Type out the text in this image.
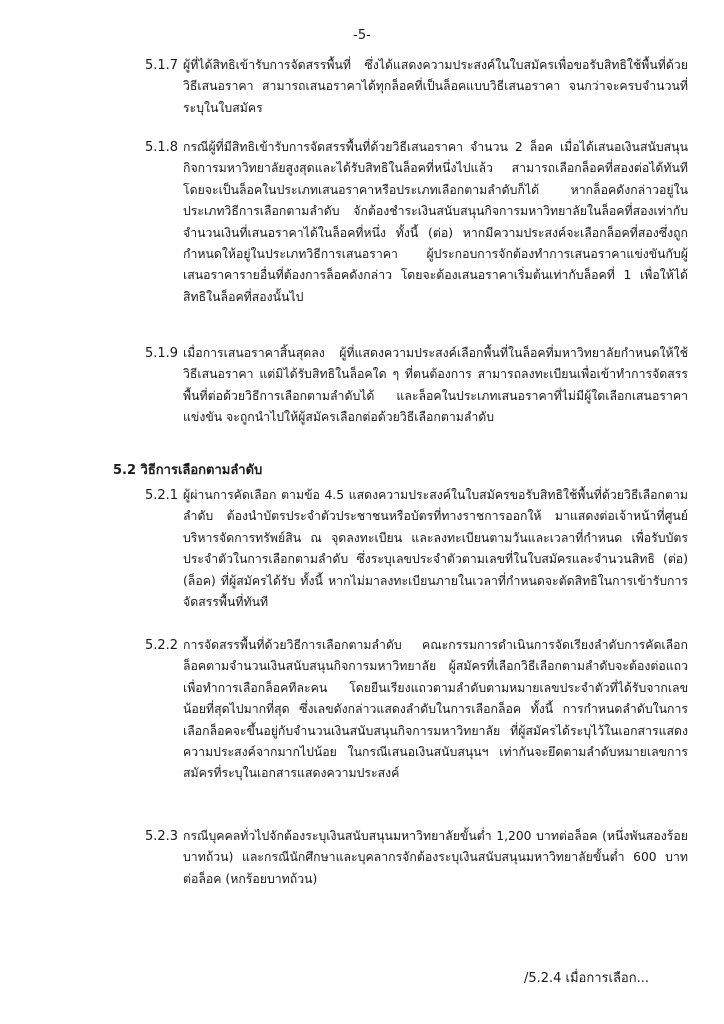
-5-
5.1.7 ผู้ที่ได้สิทธิเข้ารับการจัดสรรพื้นที่ ซึ่งได้แสดงความประสงค์ในใบสมัครเพื่อขอรับสิทธิใช้พื้นที่ด้วยวิธีเสนอราคา สามารถเสนอราคาได้ทุกล็อคที่เป็นล็อคแบบวิธีเสนอราคา จนกว่าจะครบจำนวนที่ระบุในใบสมัคร
5.1.8 กรณีผู้ที่มีสิทธิเข้ารับการจัดสรรพื้นที่ด้วยวิธีเสนอราคา จำนวน 2 ล็อค เมื่อได้เสนอเงินสนับสนุนกิจการมหาวิทยาลัยสูงสุดและได้รับสิทธิในล็อคที่หนึ่งไปแล้ว สามารถเลือกล็อคที่สองต่อได้ทันที โดยจะเป็นล็อคในประเภทเสนอราคาหรือประเภทเลือกตามลำดับก็ได้ หากล็อคดังกล่าวอยู่ในประเภทวิธีการเลือกตามลำดับ จักต้องชำระเงินสนับสนุนกิจการมหาวิทยาลัยในล็อคที่สองเท่ากับจำนวนเงินที่เสนอราคาได้ในล็อคที่หนึ่ง ทั้งนี้ (ต่อ) หากมีความประสงค์จะเลือกล็อคที่สองซึ่งถูกกำหนดให้อยู่ในประเภทวิธีการเสนอราคา ผู้ประกอบการจักต้องทำการเสนอราคาแข่งขันกับผู้เสนอราคารายอื่นที่ต้องการล็อคดังกล่าว โดยจะต้องเสนอราคาเริ่มต้นเท่ากับล็อคที่ 1 เพื่อให้ได้สิทธิในล็อคที่สองนั้นไป
5.1.9 เมื่อการเสนอราคาสิ้นสุดลง ผู้ที่แสดงความประสงค์เลือกพื้นที่ในล็อคที่มหาวิทยาลัยกำหนดให้ใช้วิธีเสนอราคา แต่มิได้รับสิทธิในล็อคใด ๆ ที่ตนต้องการ สามารถลงทะเบียนเพื่อเข้าทำการจัดสรรพื้นที่ต่อด้วยวิธีการเลือกตามลำดับได้ และล็อคในประเภทเสนอราคาที่ไม่มีผู้ใดเลือกเสนอราคาแข่งขัน จะถูกนำไปให้ผู้สมัครเลือกต่อด้วยวิธีเลือกตามลำดับ
5.2 วิธีการเลือกตามลำดับ
5.2.1 ผู้ผ่านการคัดเลือก ตามข้อ 4.5 แสดงความประสงค์ในใบสมัครขอรับสิทธิใช้พื้นที่ด้วยวิธีเลือกตามลำดับ ต้องนำบัตรประจำตัวประชาชนหรือบัตรที่ทางราชการออกให้ มาแสดงต่อเจ้าหน้าที่ศูนย์บริหารจัดการทรัพย์สิน ณ จุดลงทะเบียน และลงทะเบียนตามวันและเวลาที่กำหนด เพื่อรับบัตรประจำตัวในการเลือกตามลำดับ ซึ่งระบุเลขประจำตัวตามเลขที่ในใบสมัครและจำนวนสิทธิ (ต่อ) (ล็อค) ที่ผู้สมัครได้รับ ทั้งนี้ หากไม่มาลงทะเบียนภายในเวลาที่กำหนดจะตัดสิทธิในการเข้ารับการจัดสรรพื้นที่ทันที
5.2.2 การจัดสรรพื้นที่ด้วยวิธีการเลือกตามลำดับ คณะกรรมการดำเนินการจัดเรียงลำดับการคัดเลือกล็อคตามจำนวนเงินสนับสนุนกิจการมหาวิทยาลัย ผู้สมัครที่เลือกวิธีเลือกตามลำดับจะต้องต่อแถวเพื่อทำการเลือกล็อคทีละคน โดยยืนเรียงแถวตามลำดับตามหมายเลขประจำตัวที่ได้รับจากเลขน้อยที่สุดไปมากที่สุด ซึ่งเลขดังกล่าวแสดงลำดับในการเลือกล็อค ทั้งนี้ การกำหนดลำดับในการเลือกล็อคจะขึ้นอยู่กับจำนวนเงินสนับสนุนกิจการมหาวิทยาลัย ที่ผู้สมัครได้ระบุไว้ในเอกสารแสดงความประสงค์จากมากไปน้อย ในกรณีเสนอเงินสนับสนุนฯ เท่ากันจะยึดตามลำดับหมายเลขการสมัครที่ระบุในเอกสารแสดงความประสงค์
5.2.3 กรณีบุคคลทั่วไปจักต้องระบุเงินสนับสนุนมหาวิทยาลัยขั้นต่ำ 1,200 บาทต่อล็อค (หนึ่งพันสองร้อยบาทถ้วน) และกรณีนักศึกษาและบุคลากรจักต้องระบุเงินสนับสนุนมหาวิทยาลัยขั้นต่ำ 600 บาทต่อล็อค (หกร้อยบาทถ้วน)
/5.2.4 เมื่อการเลือก...
